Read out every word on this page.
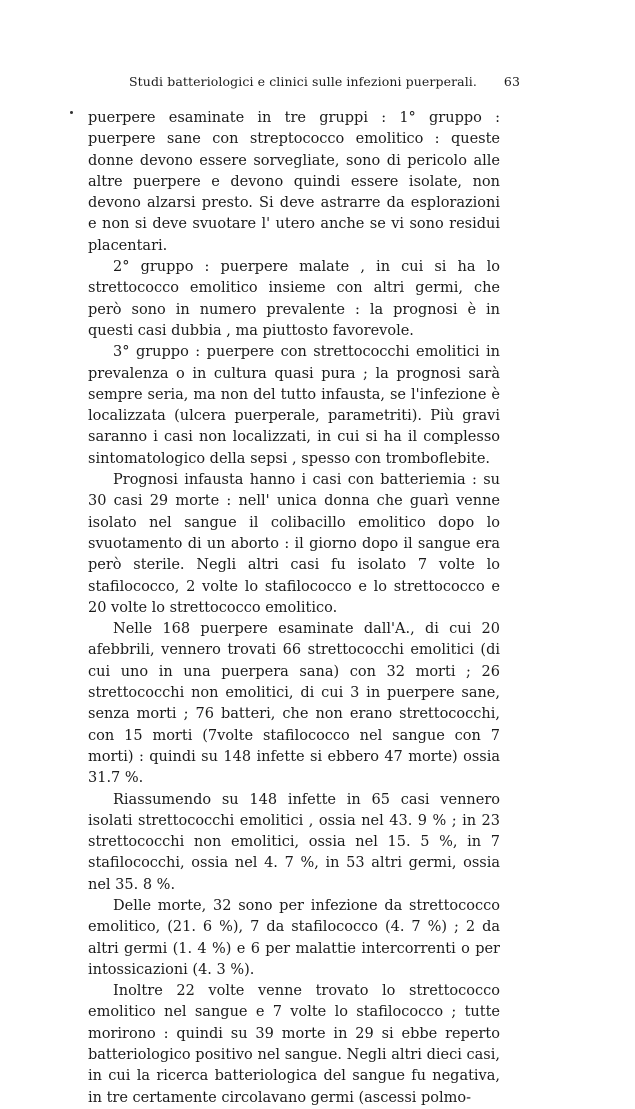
Studi batteriologici e clinici sulle infezioni puerperali.	63

puerpere esaminate in tre gruppi : 1° gruppo : puerpere sane con streptococco emolitico : queste donne devono essere sorvegliate, sono di pericolo alle altre puerpere e devono quindi essere isolate, non devono alzarsi presto. Si deve astrarre da esplorazioni e non si deve svuotare l' utero anche se vi sono residui placentari.

2° gruppo : puerpere malate , in cui si ha lo strettococco emolitico insieme con altri germi, che però sono in numero prevalente : la prognosi è in questi casi dubbia , ma piuttosto favorevole.

3° gruppo : puerpere con strettococchi emolitici in prevalenza o in cultura quasi pura ; la prognosi sarà sempre seria, ma non del tutto infausta, se l'infezione è localizzata (ulcera puerperale, parametriti). Più gravi saranno i casi non localizzati, in cui si ha il complesso sintomatologico della sepsi , spesso con tromboflebite.

Prognosi infausta hanno i casi con batteriemia : su 30 casi 29 morte : nell' unica donna che guarì venne isolato nel sangue il colibacillo emolitico dopo lo svuotamento di un aborto : il giorno dopo il sangue era però sterile. Negli altri casi fu isolato 7 volte lo stafilococco, 2 volte lo stafilococco e lo strettococco e 20 volte lo strettococco emolitico.

Nelle 168 puerpere esaminate dall'A., di cui 20 afebbrili, vennero trovati 66 strettococchi emolitici (di cui uno in una puerpera sana) con 32 morti ; 26 strettococchi non emolitici, di cui 3 in puerpere sane, senza morti ; 76 batteri, che non erano strettococchi, con 15 morti (7volte stafilococco nel sangue con 7 morti) : quindi su 148 infette si ebbero 47 morte) ossia 31.7 %.

Riassumendo su 148 infette in 65 casi vennero isolati strettococchi emolitici , ossia nel 43. 9 % ; in 23 strettococchi non emolitici, ossia nel 15. 5 %, in 7 stafilococchi, ossia nel 4. 7 %, in 53 altri germi, ossia nel 35. 8 %.

Delle morte, 32 sono per infezione da strettococco emolitico, (21. 6 %), 7 da stafilococco (4. 7 %) ; 2 da altri germi (1. 4 %) e 6 per malattie intercorrenti o per intossicazioni (4. 3 %).

Inoltre 22 volte venne trovato lo strettococco emolitico nel sangue e 7 volte lo stafilococco ; tutte morirono : quindi su 39 morte in 29 si ebbe reperto batteriologico positivo nel sangue. Negli altri dieci casi, in cui la ricerca batteriologica del sangue fu negativa, in tre certamente circolavano germi (ascessi polmo-
